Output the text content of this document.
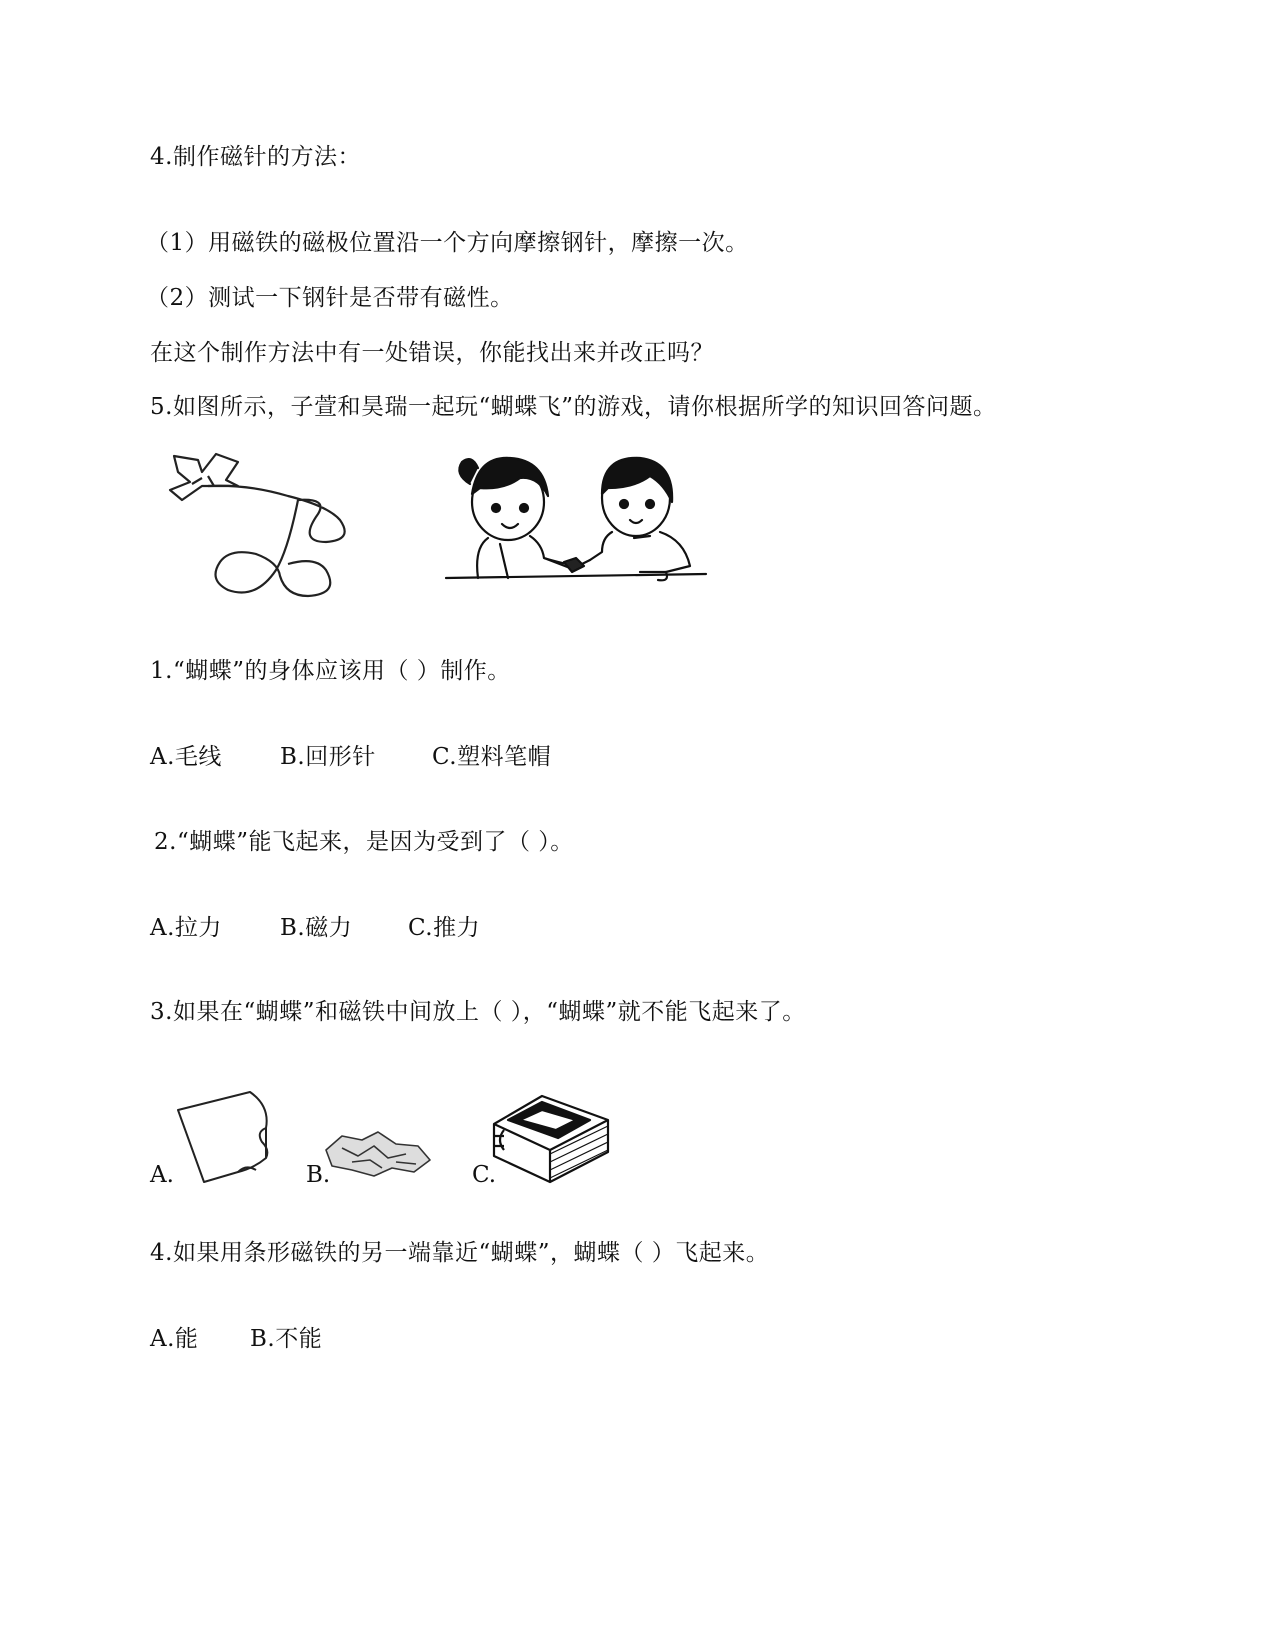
4.制作磁针的方法：
（1）用磁铁的磁极位置沿一个方向摩擦钢针，摩擦一次。
（2）测试一下钢针是否带有磁性。
在这个制作方法中有一处错误，你能找出来并改正吗？
5.如图所示，子萱和昊瑞一起玩“蝴蝶飞”的游戏，请你根据所学的知识回答问题。
1.“蝴蝶”的身体应该用（ ）制作。
A.毛线	B.回形针 C.塑料笔帽
2.“蝴蝶”能飞起来，是因为受到了（ ）。
A.拉力	B.磁力 C.推力
3.如果在“蝴蝶”和磁铁中间放上（ ），“蝴蝶”就不能飞起来了。
A.	B.	C.
4.如果用条形磁铁的另一端靠近“蝴蝶”，蝴蝶（ ）飞起来。
A.能 B.不能
